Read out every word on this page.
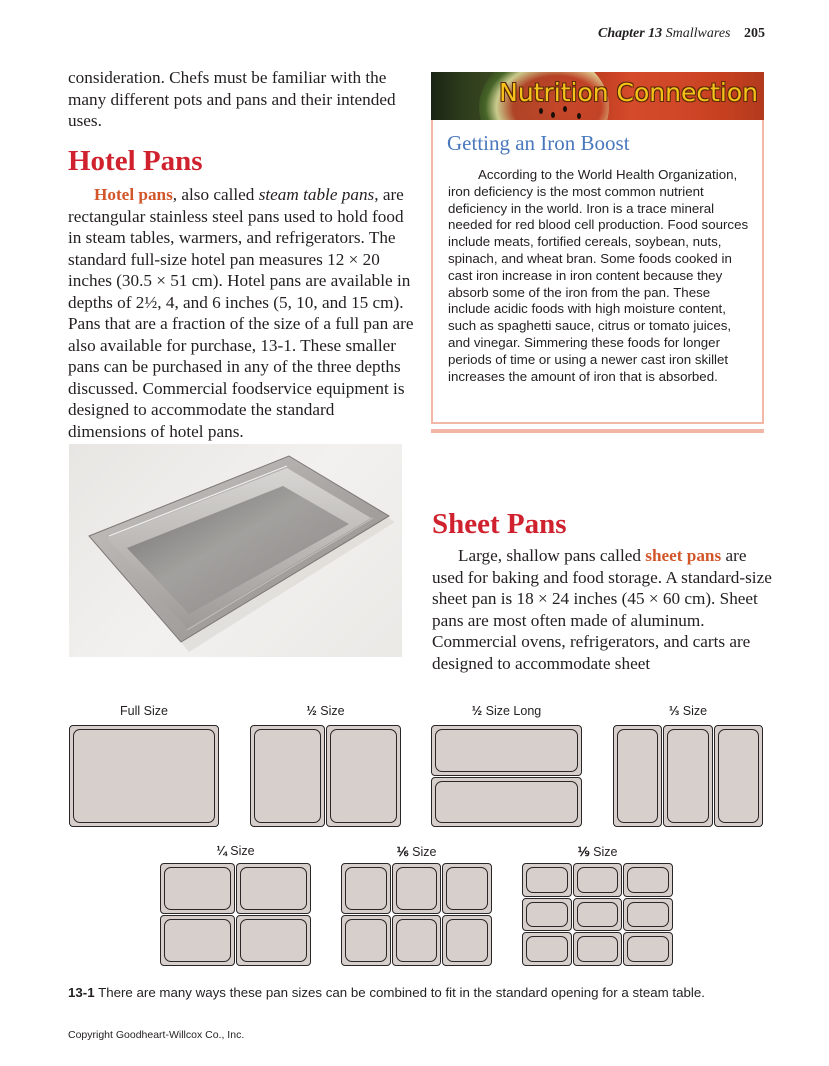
Chapter 13 Smallwares 205
consideration. Chefs must be familiar with the many different pots and pans and their intended uses.
Hotel Pans
Hotel pans, also called steam table pans, are rectangular stainless steel pans used to hold food in steam tables, warmers, and refrigerators. The standard full-size hotel pan measures 12 × 20 inches (30.5 × 51 cm). Hotel pans are available in depths of 2½, 4, and 6 inches (5, 10, and 15 cm). Pans that are a fraction of the size of a full pan are also available for purchase, 13-1. These smaller pans can be purchased in any of the three depths discussed. Commercial foodservice equipment is designed to accommodate the standard dimensions of hotel pans.
Nutrition Connection
Getting an Iron Boost
According to the World Health Organization, iron deficiency is the most common nutrient deficiency in the world. Iron is a trace mineral needed for red blood cell production. Food sources include meats, fortified cereals, soybean, nuts, spinach, and wheat bran. Some foods cooked in cast iron increase in iron content because they absorb some of the iron from the pan. These include acidic foods with high moisture content, such as spaghetti sauce, citrus or tomato juices, and vinegar. Simmering these foods for longer periods of time or using a newer cast iron skillet increases the amount of iron that is absorbed.
Sheet Pans
Large, shallow pans called sheet pans are used for baking and food storage. A standard-size sheet pan is 18 × 24 inches (45 × 60 cm). Sheet pans are most often made of aluminum. Commercial ovens, refrigerators, and carts are designed to accommodate sheet
Full Size	½ Size	½ Size Long	⅓ Size
¼ Size	⅙ Size	⅑ Size
13-1 There are many ways these pan sizes can be combined to fit in the standard opening for a steam table.
Copyright Goodheart-Willcox Co., Inc.
